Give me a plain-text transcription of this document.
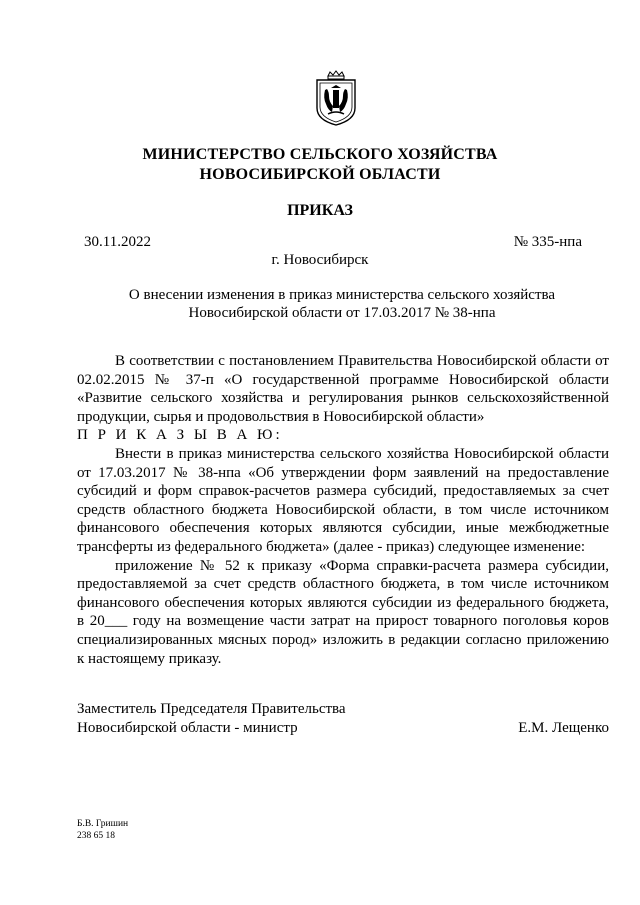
МИНИСТЕРСТВО СЕЛЬСКОГО ХОЗЯЙСТВА
НОВОСИБИРСКОЙ ОБЛАСТИ
ПРИКАЗ
30.11.2022	№ 335-нпа
г. Новосибирск
О внесении изменения в приказ министерства сельского хозяйства
Новосибирской области от 17.03.2017 № 38-нпа

В соответствии с постановлением Правительства Новосибирской области от 02.02.2015 № 37-п «О государственной программе Новосибирской области «Развитие сельского хозяйства и регулирования рынков сельскохозяйственной продукции, сырья и продовольствия в Новосибирской области»

П Р И К А З Ы В А Ю:

Внести в приказ министерства сельского хозяйства Новосибирской области от 17.03.2017 № 38-нпа «Об утверждении форм заявлений на предоставление субсидий и форм справок-расчетов размера субсидий, предоставляемых за счет средств областного бюджета Новосибирской области, в том числе источником финансового обеспечения которых являются субсидии, иные межбюджетные трансферты из федерального бюджета» (далее - приказ) следующее изменение:

приложение № 52 к приказу «Форма справки-расчета размера субсидии, предоставляемой за счет средств областного бюджета, в том числе источником финансового обеспечения которых являются субсидии из федерального бюджета, в 20___ году на возмещение части затрат на прирост товарного поголовья коров специализированных мясных пород» изложить в редакции согласно приложению к настоящему приказу.

Заместитель Председателя Правительства
Новосибирской области - министр	Е.М. Лещенко
Б.В. Гришин
238 65 18
